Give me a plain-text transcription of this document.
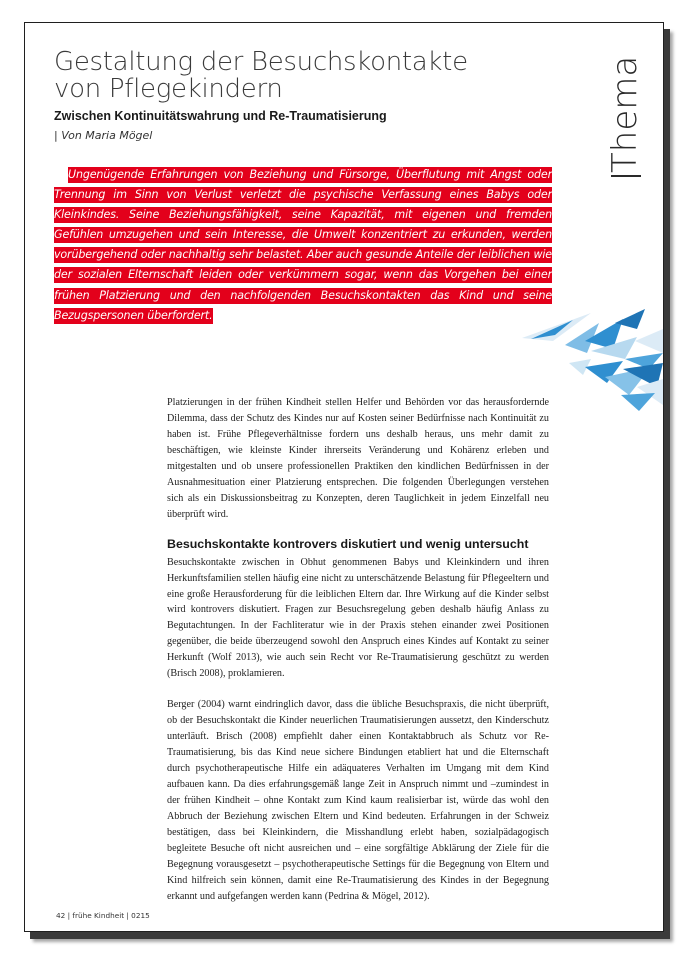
Gestaltung der Besuchskontakte
von Pflegekindern
Zwischen Kontinuitätswahrung und Re-Traumatisierung
| Von Maria Mögel	Thema

Ungenügende Erfahrungen von Beziehung und Fürsorge, Überflutung mit Angst oder Trennung im Sinn von Verlust verletzt die psychische Verfassung eines Babys oder Kleinkindes. Seine Beziehungsfähigkeit, seine Kapazität, mit eigenen und fremden Gefühlen umzugehen und sein Interesse, die Umwelt konzentriert zu erkunden, werden vorübergehend oder nachhaltig sehr belastet. Aber auch gesunde Anteile der leiblichen wie der sozialen Elternschaft leiden oder verkümmern sogar, wenn das Vorgehen bei einer frühen Platzierung und den nachfolgenden Besuchskontakten das Kind und seine Bezugspersonen überfordert.

Platzierungen in der frühen Kindheit stellen Helfer und Behörden vor das herausfordernde Dilemma, dass der Schutz des Kindes nur auf Kosten seiner Bedürfnisse nach Kontinuität zu haben ist. Frühe Pflegeverhältnisse fordern uns deshalb heraus, uns mehr damit zu beschäftigen, wie kleinste Kinder ihrerseits Veränderung und Kohärenz erleben und mitgestalten und ob unsere professionellen Praktiken den kindlichen Bedürfnissen in der Ausnahmesituation einer Platzierung entsprechen. Die folgenden Überlegungen verstehen sich als ein Diskussionsbeitrag zu Konzepten, deren Tauglichkeit in jedem Einzelfall neu überprüft wird.

Besuchskontakte kontrovers diskutiert und wenig untersucht

Besuchskontakte zwischen in Obhut genommenen Babys und Kleinkindern und ihren Herkunftsfamilien stellen häufig eine nicht zu unterschätzende Belastung für Pflegeeltern und eine große Herausforderung für die leiblichen Eltern dar. Ihre Wirkung auf die Kinder selbst wird kontrovers diskutiert. Fragen zur Besuchsregelung geben deshalb häufig Anlass zu Begutachtungen. In der Fachliteratur wie in der Praxis stehen einander zwei Positionen gegenüber, die beide überzeugend sowohl den Anspruch eines Kindes auf Kontakt zu seiner Herkunft (Wolf 2013), wie auch sein Recht vor Re-Traumatisierung geschützt zu werden (Brisch 2008), proklamieren.

Berger (2004) warnt eindringlich davor, dass die übliche Besuchspraxis, die nicht überprüft, ob der Besuchskontakt die Kinder neuerlichen Traumatisierungen aussetzt, den Kinderschutz unterläuft. Brisch (2008) empfiehlt daher einen Kontaktabbruch als Schutz vor Re-Traumatisierung, bis das Kind neue sichere Bindungen etabliert hat und die Elternschaft durch psychotherapeutische Hilfe ein adäquateres Verhalten im Umgang mit dem Kind aufbauen kann. Da dies erfahrungsgemäß lange Zeit in Anspruch nimmt und –zumindest in der frühen Kindheit – ohne Kontakt zum Kind kaum realisierbar ist, würde das wohl den Abbruch der Beziehung zwischen Eltern und Kind bedeuten. Erfahrungen in der Schweiz bestätigen, dass bei Kleinkindern, die Misshandlung erlebt haben, sozialpädagogisch begleitete Besuche oft nicht ausreichen und – eine sorgfältige Abklärung der Ziele für die Begegnung vorausgesetzt – psychotherapeutische Settings für die Begegnung von Eltern und Kind hilfreich sein können, damit eine Re-Traumatisierung des Kindes in der Begegnung erkannt und aufgefangen werden kann (Pedrina & Mögel, 2012).

42 | frühe Kindheit | 0215
